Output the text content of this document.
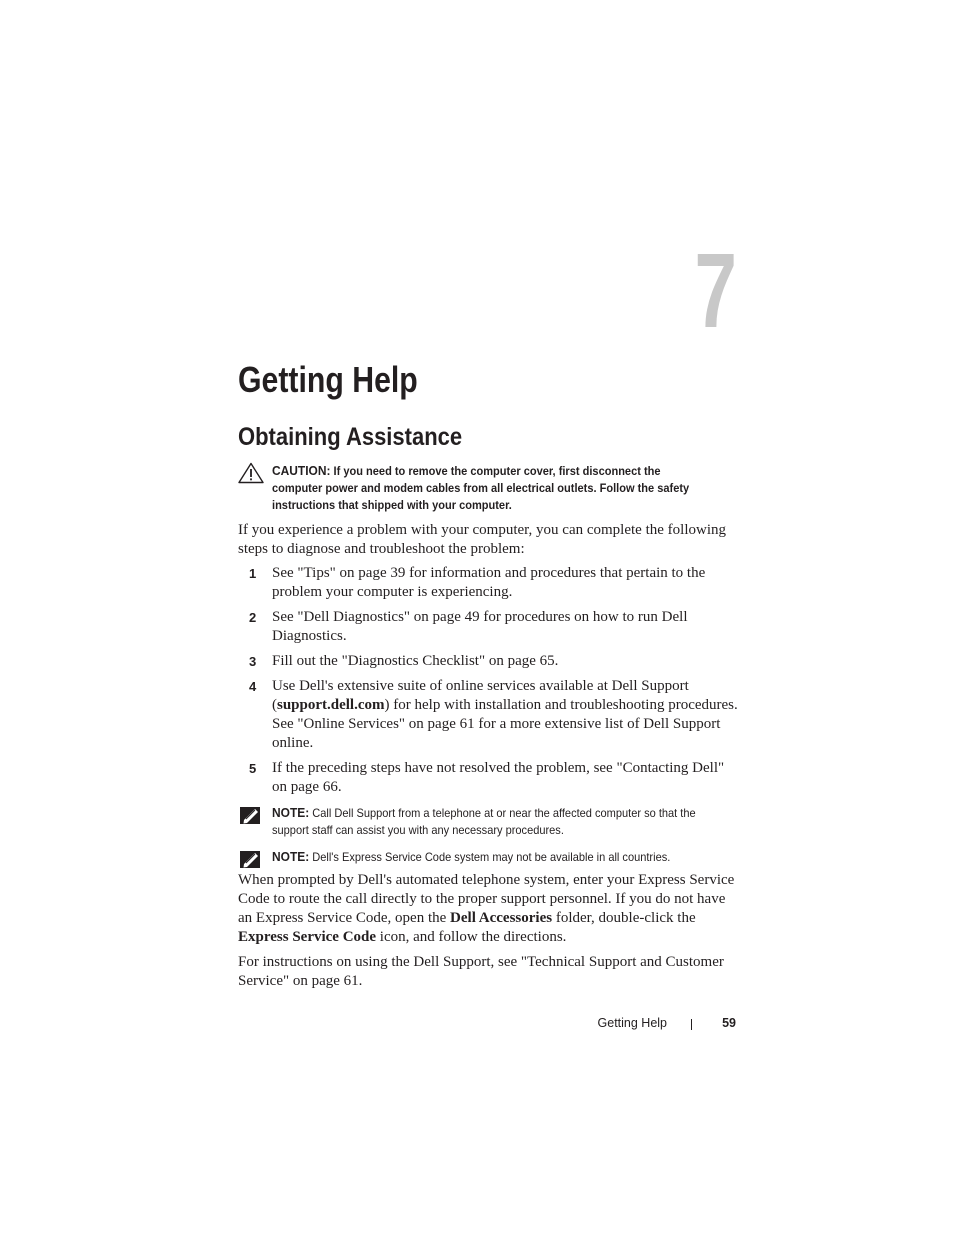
7
Getting Help
Obtaining Assistance
CAUTION: If you need to remove the computer cover, first disconnect the computer power and modem cables from all electrical outlets. Follow the safety instructions that shipped with your computer.

If you experience a problem with your computer, you can complete the following steps to diagnose and troubleshoot the problem:

1 See "Tips" on page 39 for information and procedures that pertain to the problem your computer is experiencing.
2 See "Dell Diagnostics" on page 49 for procedures on how to run Dell Diagnostics.
3 Fill out the "Diagnostics Checklist" on page 65.
4 Use Dell's extensive suite of online services available at Dell Support (support.dell.com) for help with installation and troubleshooting procedures. See "Online Services" on page 61 for a more extensive list of Dell Support online.
5 If the preceding steps have not resolved the problem, see "Contacting Dell" on page 66.
NOTE: Call Dell Support from a telephone at or near the affected computer so that the support staff can assist you with any necessary procedures.
NOTE: Dell's Express Service Code system may not be available in all countries.

When prompted by Dell's automated telephone system, enter your Express Service Code to route the call directly to the proper support personnel. If you do not have an Express Service Code, open the Dell Accessories folder, double-click the Express Service Code icon, and follow the directions.

For instructions on using the Dell Support, see "Technical Support and Customer Service" on page 61.

Getting Help	59
